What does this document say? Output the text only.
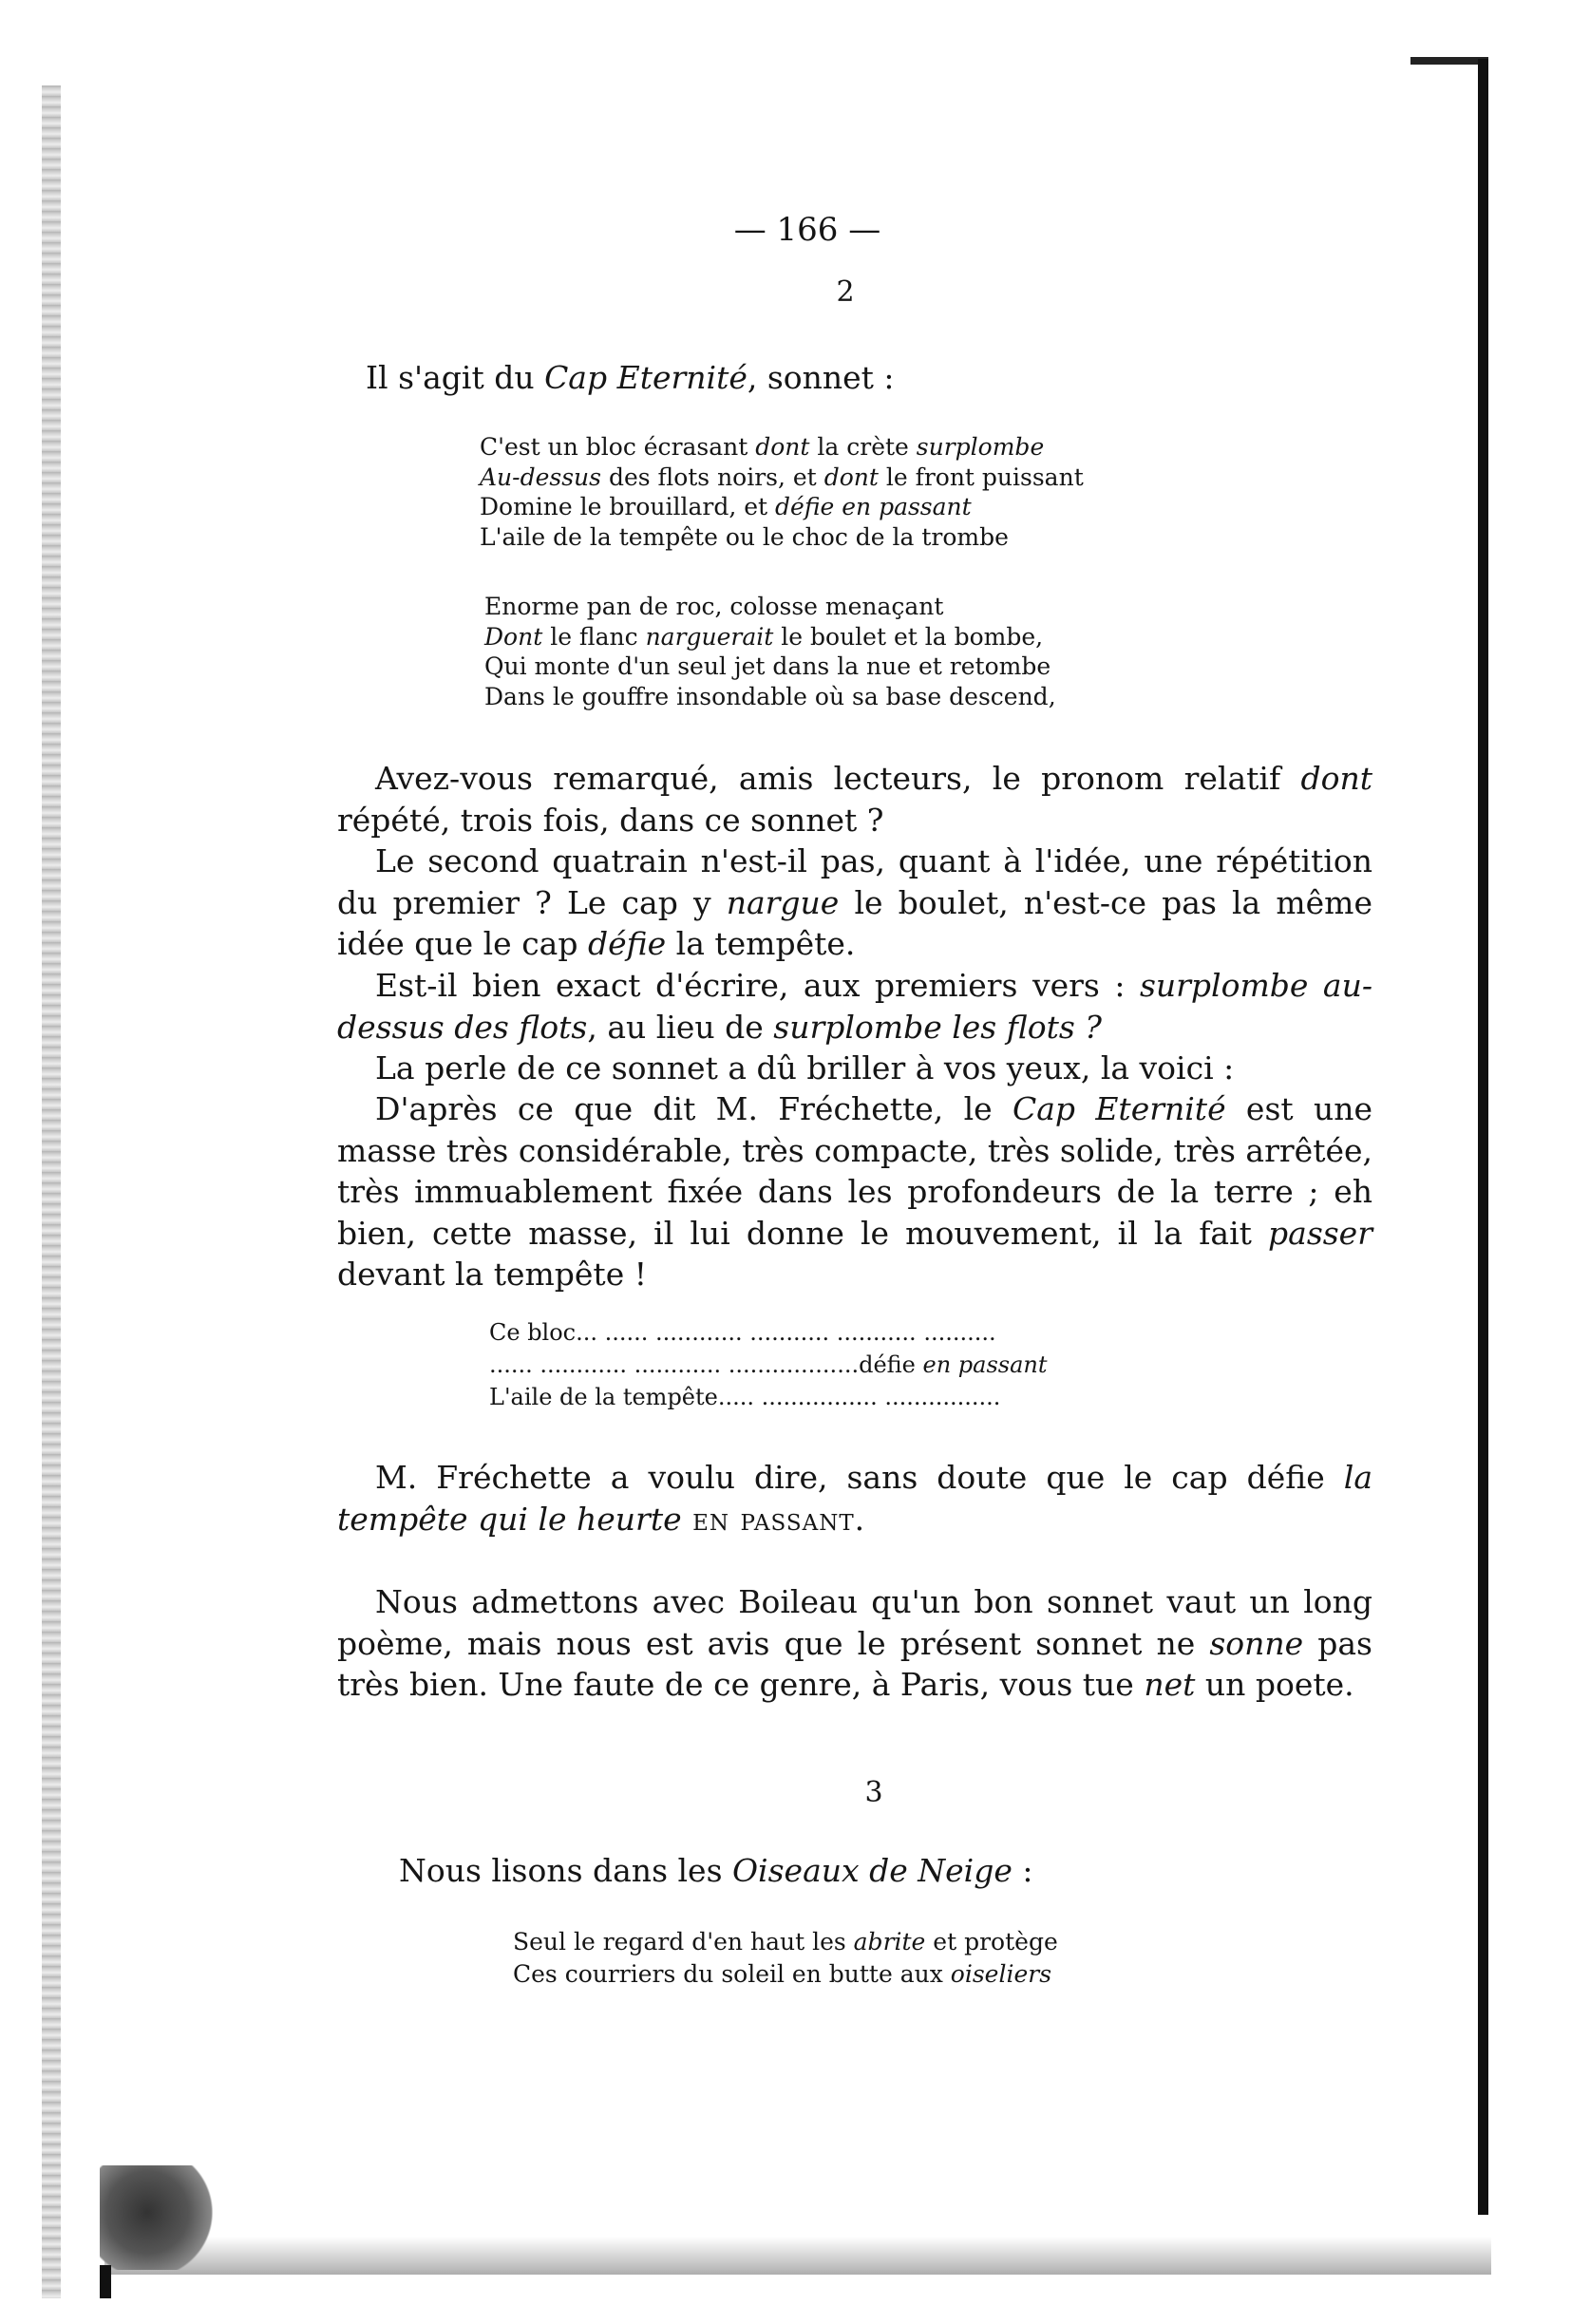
— 166 —
2
Il s'agit du Cap Eternité, sonnet :
C'est un bloc écrasant dont la crète surplombe
Au-dessus des flots noirs, et dont le front puissant
Domine le brouillard, et défie en passant
L'aile de la tempête ou le choc de la trombe
Enorme pan de roc, colosse menaçant
Dont le flanc narguerait le boulet et la bombe,
Qui monte d'un seul jet dans la nue et retombe
Dans le gouffre insondable où sa base descend,
Avez-vous remarqué, amis lecteurs, le pronom relatif dont répété, trois fois, dans ce sonnet ?
Le second quatrain n'est-il pas, quant à l'idée, une répétition du premier ? Le cap y nargue le boulet, n'est-ce pas la même idée que le cap défie la tempête.
Est-il bien exact d'écrire, aux premiers vers : surplombe au-dessus des flots, au lieu de surplombe les flots ?
La perle de ce sonnet a dû briller à vos yeux, la voici :
D'après ce que dit M. Fréchette, le Cap Eternité est une masse très considérable, très compacte, très solide, très arrêtée, très immuablement fixée dans les profondeurs de la terre ; eh bien, cette masse, il lui donne le mouvement, il la fait passer devant la tempête !
Ce bloc... ...... ............ ........... ........... ..........
...... ............ ............ ..................défie en passant
L'aile de la tempête..... ................ ................
M. Fréchette a voulu dire, sans doute que le cap défie la tempête qui le heurte en passant.
Nous admettons avec Boileau qu'un bon sonnet vaut un long poème, mais nous est avis que le présent sonnet ne sonne pas très bien. Une faute de ce genre, à Paris, vous tue net un poete.
3
Nous lisons dans les Oiseaux de Neige :
Seul le regard d'en haut les abrite et protège
Ces courriers du soleil en butte aux oiseliers
